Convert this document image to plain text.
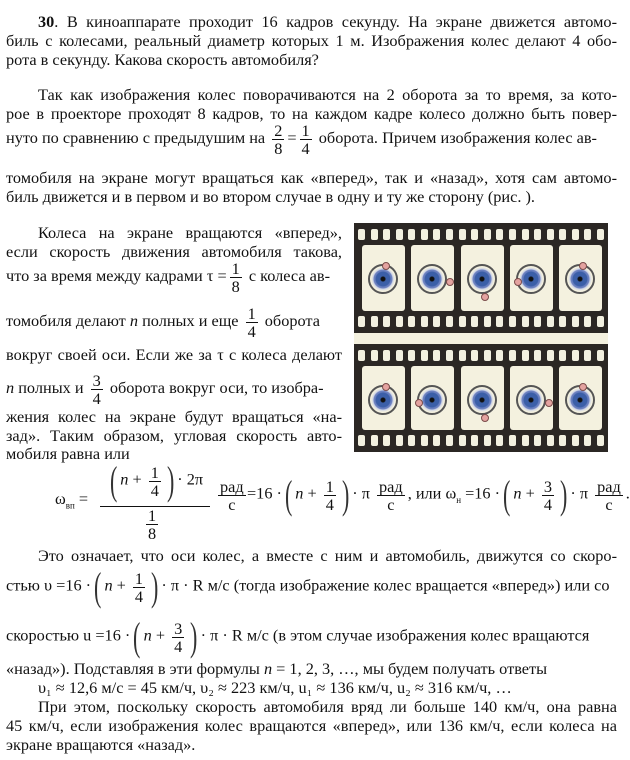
30. В киноаппарате проходит 16 кадров секунду. На экране движется автомо-
биль с колесами, реальный диаметр которых 1 м. Изображения колес делают 4 обо-
рота в секунду. Какова скорость автомобиля?
Так как изображения колес поворачиваются на 2 оборота за то время, за кото-
рое в проекторе проходят 8 кадров, то на каждом кадре колесо должно быть повер-
нуто по сравнению с предыдушим на $\frac{2}{8} = \frac{1}{4}$ оборота. Причем изображения колес ав-
томобиля на экране могут вращаться как «вперед», так и «назад», хотя сам автомо-
биль движется и в первом и во втором случае в одну и ту же сторону (рис. ).
Колеса на экране вращаются «вперед»,
если скорость движения автомобиля такова,
что за время между кадрами $\tau = \frac{1}{8}$ с колеса ав-
томобиля делают n полных и еще $\frac{1}{4}$ оборота
вокруг своей оси. Если же за τ с колеса делают
n полных и $\frac{3}{4}$ оборота вокруг оси, то изобра-
жения колес на экране будут вращаться «на-
зад». Таким образом, угловая скорость авто-
мобиля равна или
$\omega_{вп}$ = ( $n + \frac{1}{4}$ ) · 2π
$\frac{1}{8}$
рад
с
=16 ·( $n + \frac{1}{4}$ ) · π $\frac{\text{рад}}{с}$ , или $\omega_н =16$ ·( $n + \frac{3}{4}$ ) · π $\frac{\text{рад}}{с}$ .
Это означает, что оси колес, а вместе с ним и автомобиль, движутся со скоро-
стью υ =16 ·( $n + \frac{1}{4}$ ) · π · R м/с (тогда изображение колес вращается «вперед») или со
скоростью u =16 ·( $n + \frac{3}{4}$ ) · π · R м/с (в этом случае изображения колес вращаются
«назад»). Подставляя в эти формулы n = 1, 2, 3, …, мы будем получать ответы
υ₁ ≈ 12,6 м/с = 45 км/ч, υ₂ ≈ 223 км/ч, u₁ ≈ 136 км/ч, u₂ ≈ 316 км/ч, …
При этом, поскольку скорость автомобиля вряд ли больше 140 км/ч, она равна
45 км/ч, если изображения колес вращаются «вперед», или 136 км/ч, если колеса на
экране вращаются «назад».
